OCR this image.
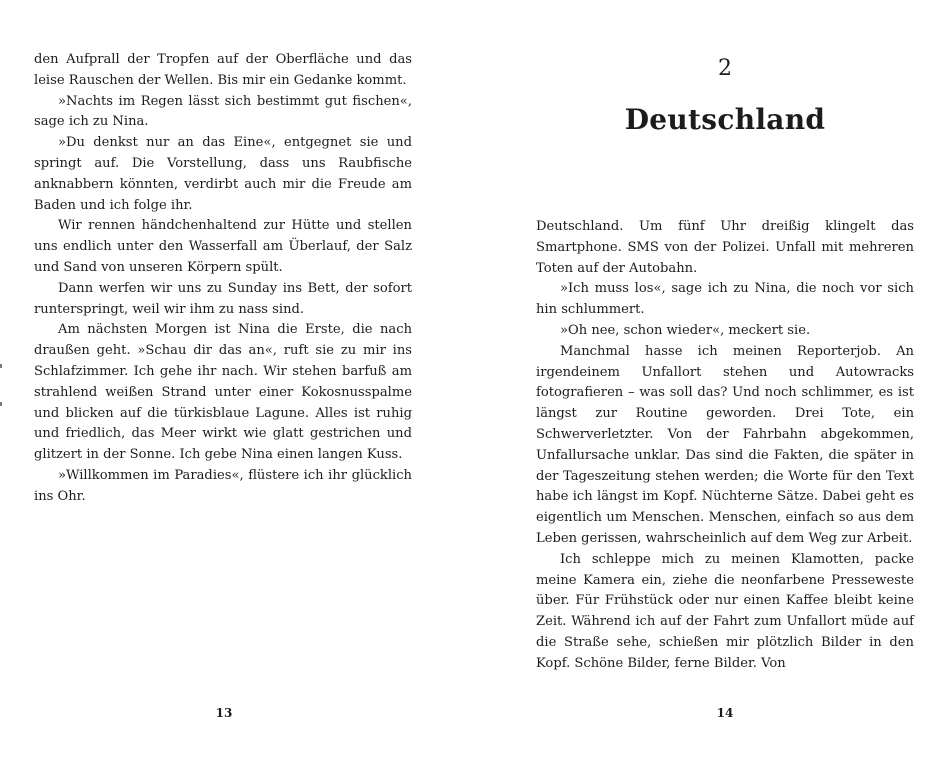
den Aufprall der Tropfen auf der Oberfläche und das leise Rauschen der Wellen. Bis mir ein Gedanke kommt.

»Nachts im Regen lässt sich bestimmt gut fischen«, sage ich zu Nina.

»Du denkst nur an das Eine«, entgegnet sie und springt auf. Die Vorstellung, dass uns Raubfische anknabbern könnten, verdirbt auch mir die Freude am Baden und ich folge ihr.

Wir rennen händchenhaltend zur Hütte und stellen uns endlich unter den Wasserfall am Überlauf, der Salz und Sand von unseren Körpern spült.

Dann werfen wir uns zu Sunday ins Bett, der sofort runterspringt, weil wir ihm zu nass sind.

Am nächsten Morgen ist Nina die Erste, die nach draußen geht. »Schau dir das an«, ruft sie zu mir ins Schlafzimmer. Ich gehe ihr nach. Wir stehen barfuß am strahlend weißen Strand unter einer Kokosnusspalme und blicken auf die türkisblaue Lagune. Alles ist ruhig und friedlich, das Meer wirkt wie glatt gestrichen und glitzert in der Sonne. Ich gebe Nina einen langen Kuss.

»Willkommen im Paradies«, flüstere ich ihr glücklich ins Ohr.

13
2
Deutschland

Deutschland. Um fünf Uhr dreißig klingelt das Smartphone. SMS von der Polizei. Unfall mit mehreren Toten auf der Autobahn.

»Ich muss los«, sage ich zu Nina, die noch vor sich hin schlummert.

»Oh nee, schon wieder«, meckert sie.

Manchmal hasse ich meinen Reporterjob. An irgendeinem Unfallort stehen und Autowracks fotografieren – was soll das? Und noch schlimmer, es ist längst zur Routine geworden. Drei Tote, ein Schwerverletzter. Von der Fahrbahn abgekommen, Unfallursache unklar. Das sind die Fakten, die später in der Tageszeitung stehen werden; die Worte für den Text habe ich längst im Kopf. Nüchterne Sätze. Dabei geht es eigentlich um Menschen. Menschen, einfach so aus dem Leben gerissen, wahrscheinlich auf dem Weg zur Arbeit.

Ich schleppe mich zu meinen Klamotten, packe meine Kamera ein, ziehe die neonfarbene Presseweste über. Für Frühstück oder nur einen Kaffee bleibt keine Zeit. Während ich auf der Fahrt zum Unfallort müde auf die Straße sehe, schießen mir plötzlich Bilder in den Kopf. Schöne Bilder, ferne Bilder. Von

14
